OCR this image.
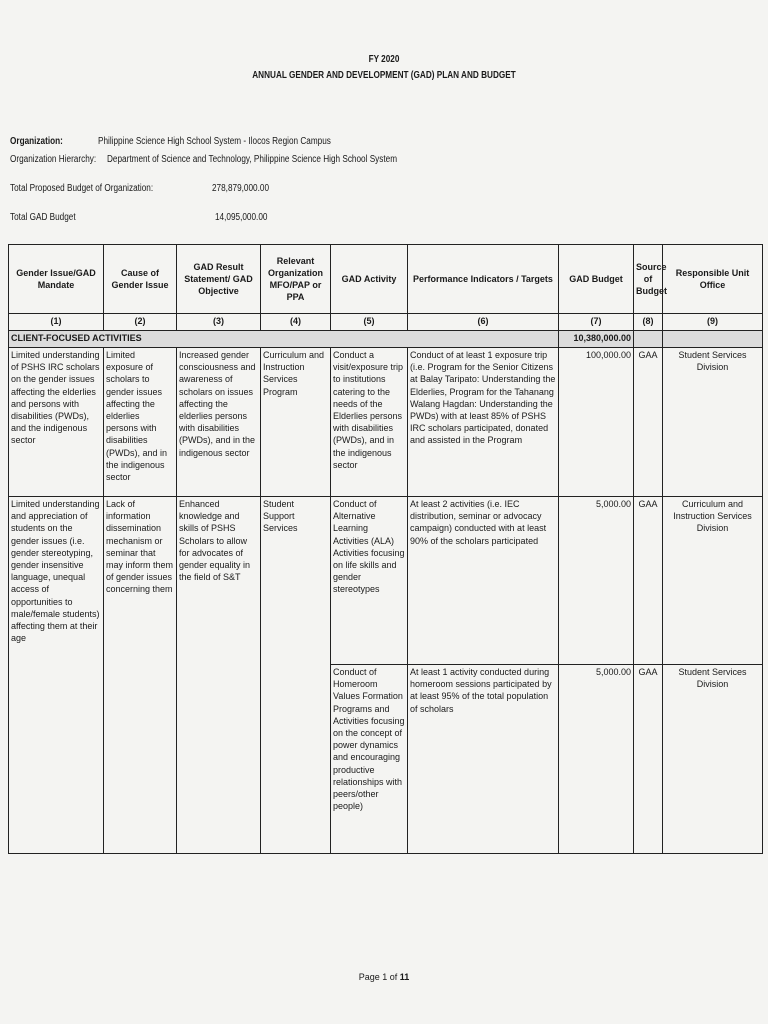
FY 2020
ANNUAL GENDER AND DEVELOPMENT (GAD) PLAN AND BUDGET
Organization:	Philippine Science High School System - Ilocos Region Campus
Organization Hierarchy: Department of Science and Technology, Philippine Science High School System
Total Proposed Budget of Organization:	278,879,000.00
Total GAD Budget	14,095,000.00
Gender Issue/GAD Mandate	Cause of Gender Issue	GAD Result Statement/ GAD Objective	Relevant Organization MFO/PAP or PPA	GAD Activity	Performance Indicators / Targets	GAD Budget	Source of Budget	Responsible Unit Office
(1)	(2)	(3)	(4)	(5)	(6)	(7)	(8)	(9)
CLIENT-FOCUSED ACTIVITIES						10,380,000.00		
Limited understanding of PSHS IRC scholars on the gender issues affecting the elderlies and persons with disabilities (PWDs), and the indigenous sector	Limited exposure of scholars to gender issues affecting the elderlies persons with disabilities (PWDs), and in the indigenous sector	Increased gender consciousness and awareness of scholars on issues affecting the elderlies persons with disabilities (PWDs), and in the indigenous sector	Curriculum and Instruction Services Program	Conduct a visit/exposure trip to institutions catering to the needs of the Elderlies persons with disabilities (PWDs), and in the indigenous sector	Conduct of at least 1 exposure trip (i.e. Program for the Senior Citizens at Balay Taripato: Understanding the Elderlies, Program for the Tahanang Walang Hagdan: Understanding the PWDs) with at least 85% of PSHS IRC scholars participated, donated and assisted in the Program	100,000.00	GAA	Student Services Division
Limited understanding and appreciation of students on the gender issues (i.e. gender stereotyping, gender insensitive language, unequal access of opportunities to male/female students) affecting them at their age	Lack of information dissemination mechanism or seminar that may inform them of gender issues concerning them	Enhanced knowledge and skills of PSHS Scholars to allow for advocates of gender equality in the field of S&T	Student Support Services	Conduct of Alternative Learning Activities (ALA) Activities focusing on life skills and gender stereotypes	At least 2 activities (i.e. IEC distribution, seminar or advocacy campaign) conducted with at least 90% of the scholars participated	5,000.00	GAA	Curriculum and Instruction Services Division
				Conduct of Homeroom Values Formation Programs and Activities focusing on the concept of power dynamics and encouraging productive relationships with peers/other people)	At least 1 activity conducted during homeroom sessions participated by at least 95% of the total population of scholars	5,000.00	GAA	Student Services Division
Page 1 of 11
